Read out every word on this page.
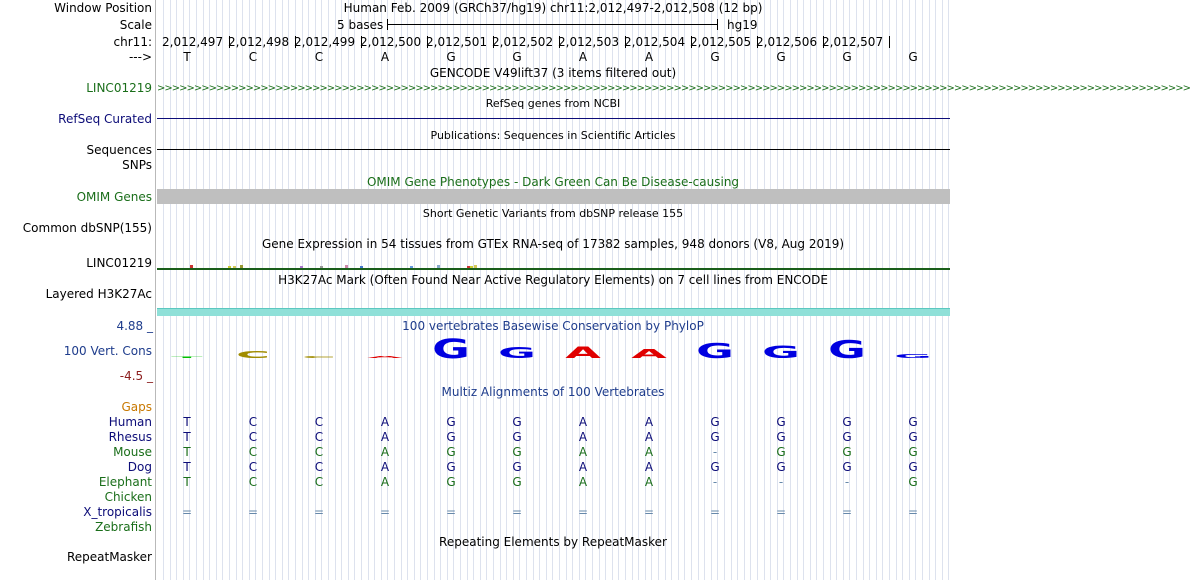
Window Position	Human Feb. 2009 (GRCh37/hg19) chr11:2,012,497-2,012,508 (12 bp)
Scale	5 bases	hg19
chr11: 2,012,497 2,012,498 2,012,499 2,012,500 2,012,501 2,012,502 2,012,503 2,012,504 2,012,505 2,012,506 2,012,507
--->	T	C	C	A	G	G	A	A	G	G	G	G
GENCODE V49lift37 (3 items filtered out)
LINC01219 >>>>>>>>>>>>>>>>>>>>>>>>>>>>>>>>>>>>>>>>>>>>>>>>>>>>>>>>>>>>>>>>>>>>>>>>>>>>>>>>>>>>>>>>>>>>>>>>>>>>>>>>>>>>>>>>>>>>>>>>>>>>>>>>>>>>>>>>>>>>
RefSeq genes from NCBI
RefSeq Curated
Publications: Sequences in Scientific Articles
Sequences
SNPs
OMIM Gene Phenotypes - Dark Green Can Be Disease-causing
OMIM Genes
Short Genetic Variants from dbSNP release 155
Common dbSNP(155)
Gene Expression in 54 tissues from GTEx RNA-seq of 17382 samples, 948 donors (V8, Aug 2019)
LINC01219
H3K27Ac Mark (Often Found Near Active Regulatory Elements) on 7 cell lines from ENCODE
Layered H3K27Ac
4.88 _	100 vertebrates Basewise Conservation by PhyloP
100 Vert. Cons
-4.5 _
T C C A G G A A G G G G
Multiz Alignments of 100 Vertebrates
Gaps
Human	T	C	C	A	G	G	A	A	G	G	G	G
Rhesus	T	C	C	A	G	G	A	A	G	G	G	G
Mouse	T	C	C	A	G	G	A	A	-	G	G	G
Dog	T	C	C	A	G	G	A	A	G	G	G	G
Elephant	T	C	C	A	G	G	A	A	-	-	-	G
Chicken
X_tropicalis	=	=	=	=	=	=	=	=	=	=	=	=
Zebrafish
Repeating Elements by RepeatMasker
RepeatMasker
